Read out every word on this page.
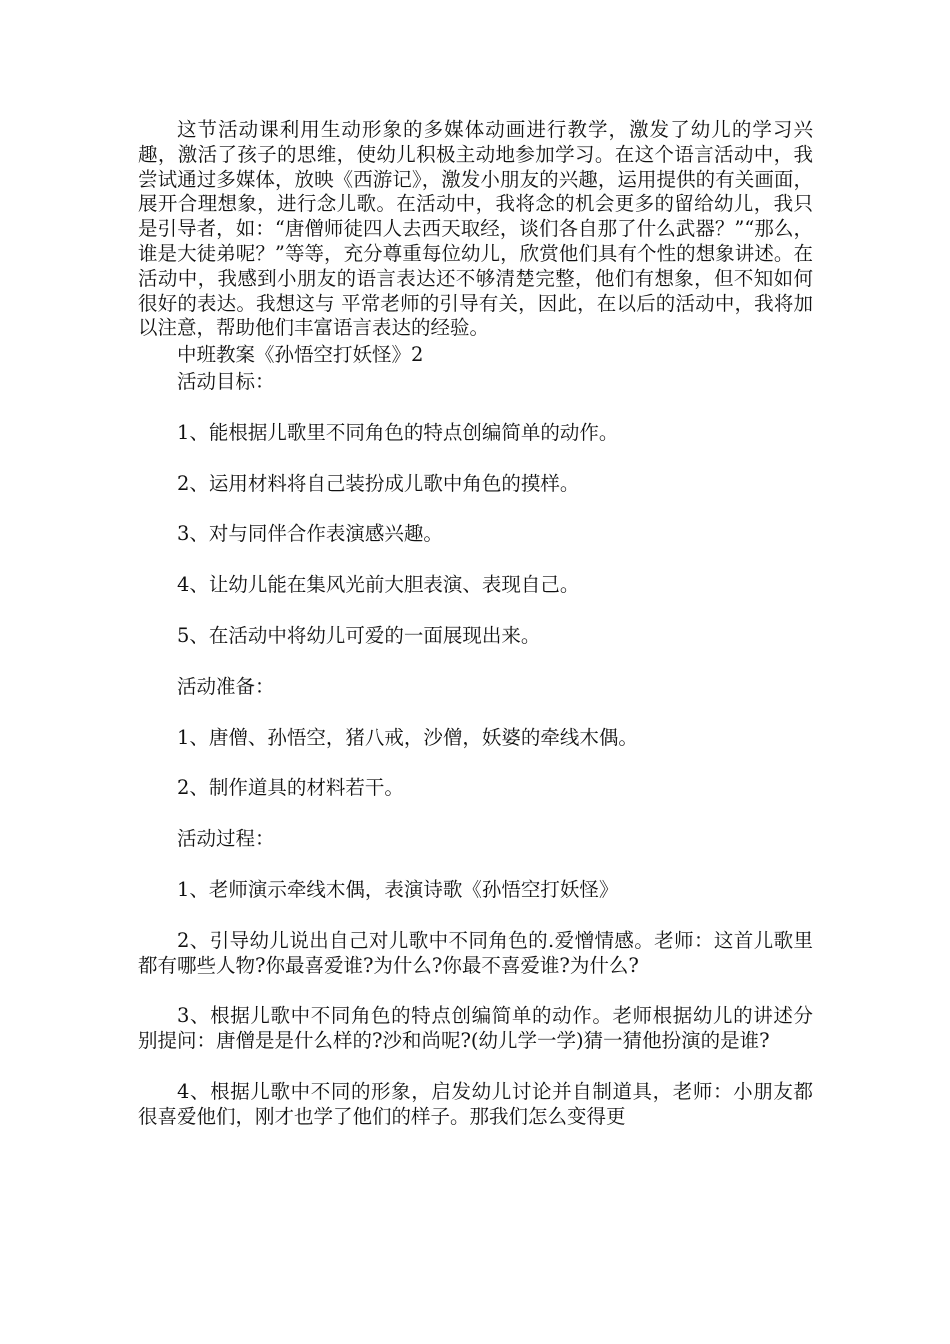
这节活动课利用生动形象的多媒体动画进行教学，激发了幼儿的学习兴趣，激活了孩子的思维，使幼儿积极主动地参加学习。在这个语言活动中，我尝试通过多媒体，放映《西游记》，激发小朋友的兴趣，运用提供的有关画面，展开合理想象，进行念儿歌。在活动中，我将念的机会更多的留给幼儿，我只是引导者，如：“唐僧师徒四人去西天取经，谈们各自那了什么武器？”“那么，谁是大徒弟呢？”等等，充分尊重每位幼儿，欣赏他们具有个性的想象讲述。在活动中，我感到小朋友的语言表达还不够清楚完整，他们有想象，但不知如何很好的表达。我想这与 平常老师的引导有关，因此，在以后的活动中，我将加以注意，帮助他们丰富语言表达的经验。

中班教案《孙悟空打妖怪》2

活动目标：

1、能根据儿歌里不同角色的特点创编简单的动作。

2、运用材料将自己装扮成儿歌中角色的摸样。

3、对与同伴合作表演感兴趣。

4、让幼儿能在集风光前大胆表演、表现自己。

5、在活动中将幼儿可爱的一面展现出来。

活动准备：

1、唐僧、孙悟空，猪八戒，沙僧，妖婆的牵线木偶。

2、制作道具的材料若干。

活动过程：

1、老师演示牵线木偶，表演诗歌《孙悟空打妖怪》

2、引导幼儿说出自己对儿歌中不同角色的.爱憎情感。老师：这首儿歌里都有哪些人物?你最喜爱谁?为什么?你最不喜爱谁?为什么?

3、根据儿歌中不同角色的特点创编简单的动作。老师根据幼儿的讲述分别提问：唐僧是是什么样的?沙和尚呢?(幼儿学一学)猜一猜他扮演的是谁?

4、根据儿歌中不同的形象，启发幼儿讨论并自制道具，老师：小朋友都很喜爱他们，刚才也学了他们的样子。那我们怎么变得更
